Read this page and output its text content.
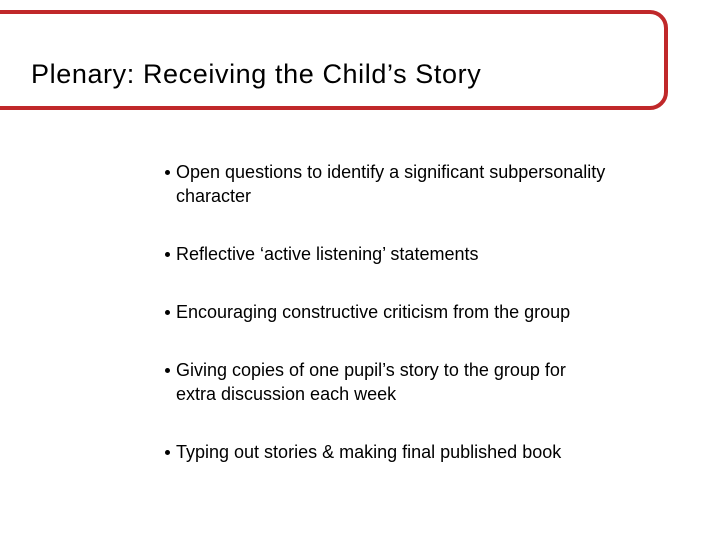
Plenary: Receiving the Child’s Story
Open questions to identify a significant subpersonality
character
Reflective ‘active listening’ statements
Encouraging constructive criticism from the group
Giving copies of one pupil’s story to the group for
extra discussion each week
Typing out stories & making final published book
